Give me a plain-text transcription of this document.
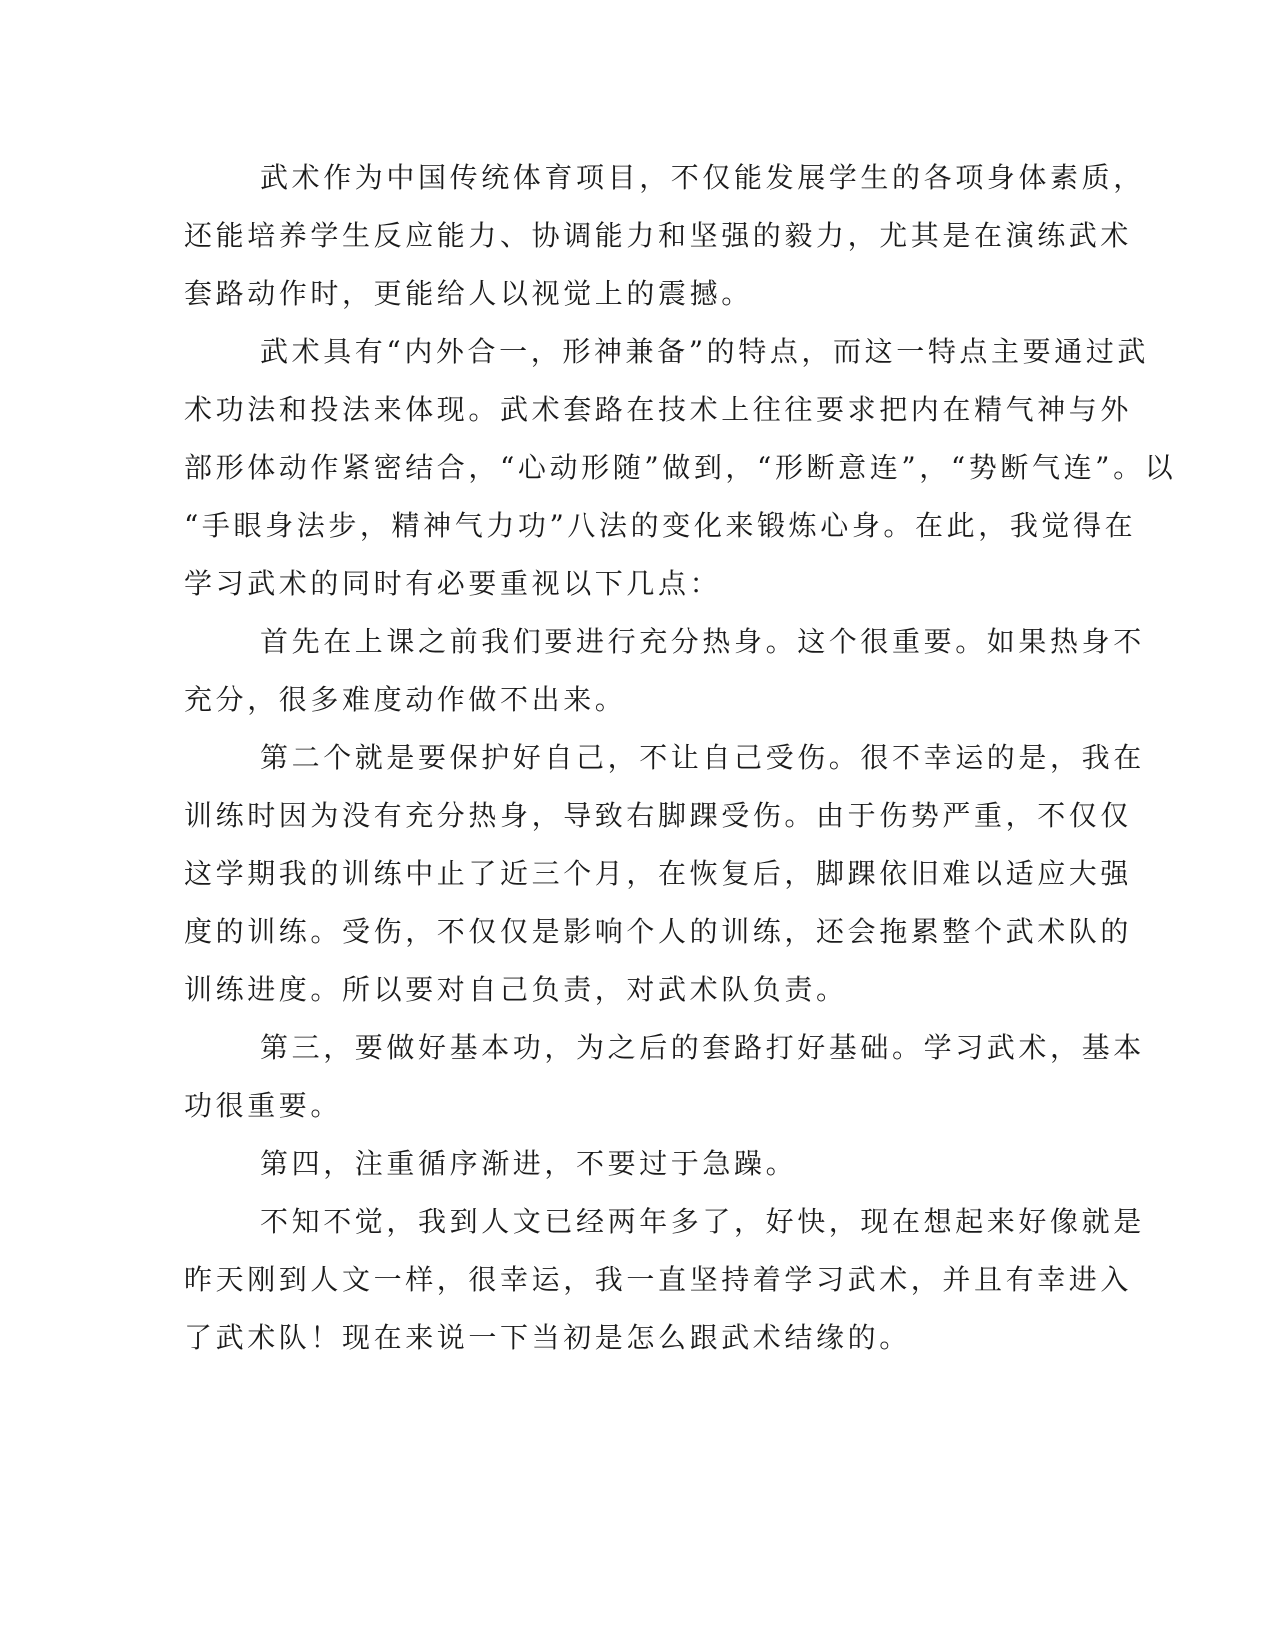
武术作为中国传统体育项目，不仅能发展学生的各项身体素质，
还能培养学生反应能力、协调能力和坚强的毅力，尤其是在演练武术
套路动作时，更能给人以视觉上的震撼。
武术具有“内外合一，形神兼备”的特点，而这一特点主要通过武
术功法和投法来体现。武术套路在技术上往往要求把内在精气神与外
部形体动作紧密结合，“心动形随”做到，“形断意连”，“势断气连”。以
“手眼身法步，精神气力功”八法的变化来锻炼心身。在此，我觉得在
学习武术的同时有必要重视以下几点：
首先在上课之前我们要进行充分热身。这个很重要。如果热身不
充分，很多难度动作做不出来。
第二个就是要保护好自己，不让自己受伤。很不幸运的是，我在
训练时因为没有充分热身，导致右脚踝受伤。由于伤势严重，不仅仅
这学期我的训练中止了近三个月，在恢复后，脚踝依旧难以适应大强
度的训练。受伤，不仅仅是影响个人的训练，还会拖累整个武术队的
训练进度。所以要对自己负责，对武术队负责。
第三，要做好基本功，为之后的套路打好基础。学习武术，基本
功很重要。
第四，注重循序渐进，不要过于急躁。
不知不觉，我到人文已经两年多了，好快，现在想起来好像就是
昨天刚到人文一样，很幸运，我一直坚持着学习武术，并且有幸进入
了武术队！现在来说一下当初是怎么跟武术结缘的。
